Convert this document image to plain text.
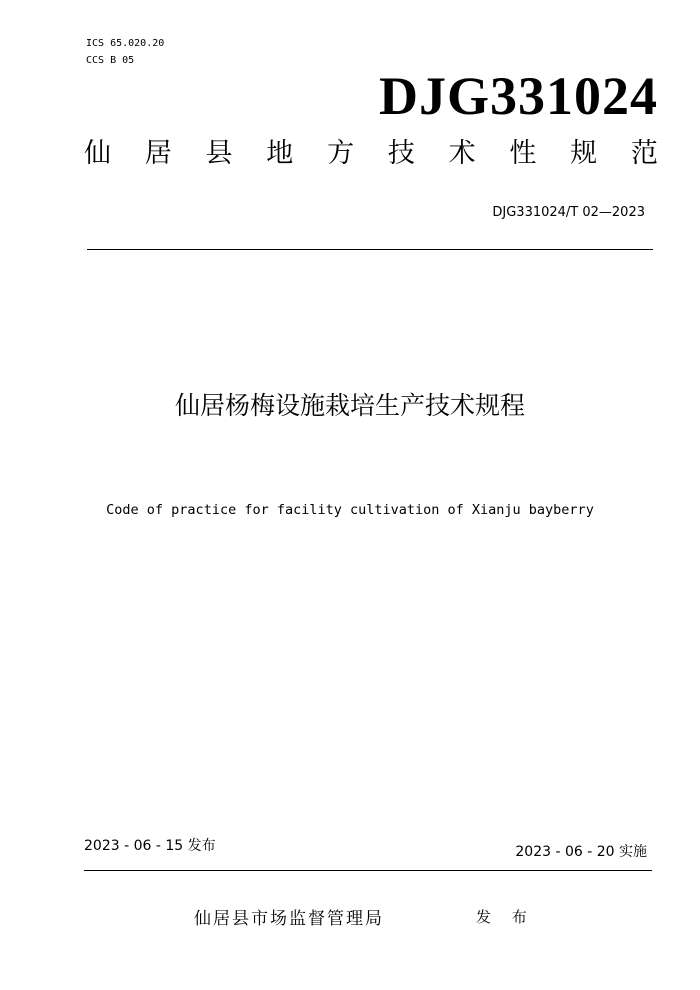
ICS 65.020.20
CCS B 05
DJG331024
仙 居 县 地 方 技 术 性 规 范
DJG331024/T 02—2023
仙居杨梅设施栽培生产技术规程
Code of practice for facility cultivation of Xianju bayberry
2023 - 06 - 15 发布	2023 - 06 - 20 实施
仙居县市场监督管理局	发 布
